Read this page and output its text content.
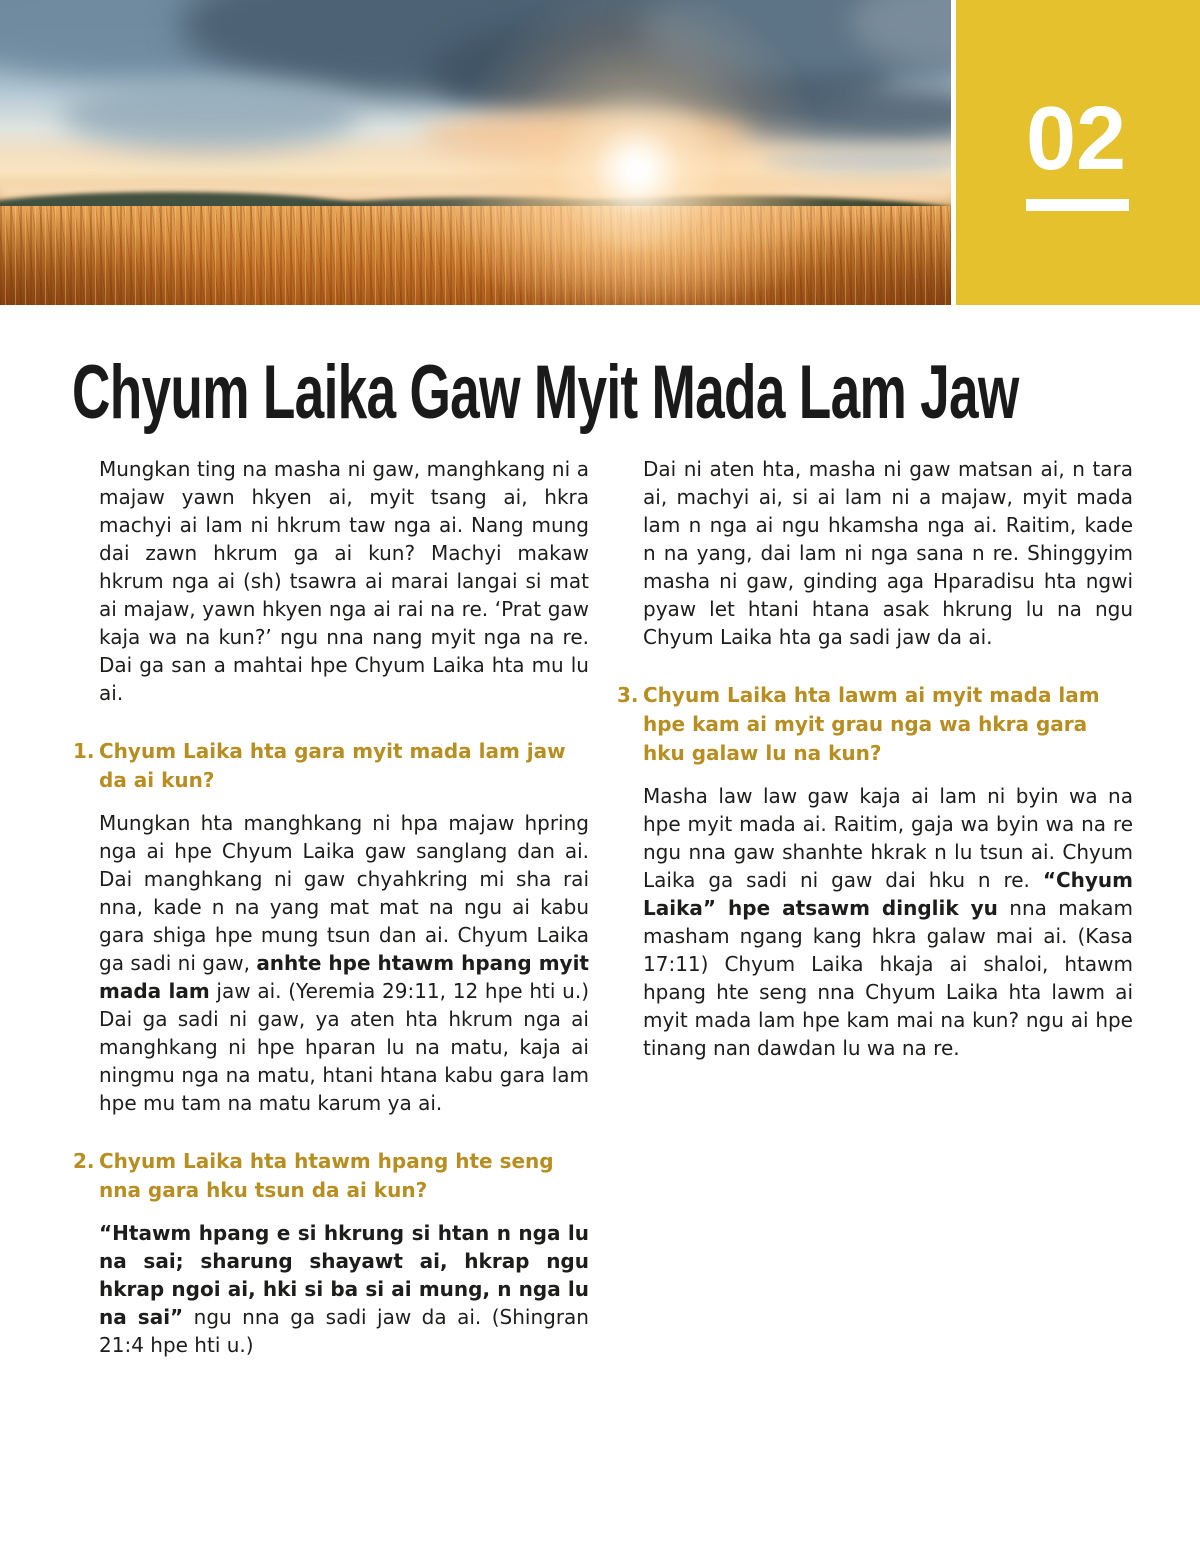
02
Chyum Laika Gaw Myit Mada Lam Jaw

Mungkan ting na masha ni gaw, manghkang ni a majaw yawn hkyen ai, myit tsang ai, hkra machyi ai lam ni hkrum taw nga ai. Nang mung dai zawn hkrum ga ai kun? Machyi makaw hkrum nga ai (sh) tsawra ai marai langai si mat ai majaw, yawn hkyen nga ai rai na re. ‘Prat gaw kaja wa na kun?’ ngu nna nang myit nga na re. Dai ga san a mahtai hpe Chyum Laika hta mu lu ai.

1. Chyum Laika hta gara myit mada lam jaw da ai kun?

Mungkan hta manghkang ni hpa majaw hpring nga ai hpe Chyum Laika gaw sanglang dan ai. Dai manghkang ni gaw chyahkring mi sha rai nna, kade n na yang mat mat na ngu ai kabu gara shiga hpe mung tsun dan ai. Chyum Laika ga sadi ni gaw, anhte hpe htawm hpang myit mada lam jaw ai. (Yeremia 29:11, 12 hpe hti u.) Dai ga sadi ni gaw, ya aten hta hkrum nga ai manghkang ni hpe hparan lu na matu, kaja ai ningmu nga na matu, htani htana kabu gara lam hpe mu tam na matu karum ya ai.

2. Chyum Laika hta htawm hpang hte seng nna gara hku tsun da ai kun?

“Htawm hpang e si hkrung si htan n nga lu na sai; sharung shayawt ai, hkrap ngu hkrap ngoi ai, hki si ba si ai mung, n nga lu na sai” ngu nna ga sadi jaw da ai. (Shingran 21:4 hpe hti u.)

Dai ni aten hta, masha ni gaw matsan ai, n tara ai, machyi ai, si ai lam ni a majaw, myit mada lam n nga ai ngu hkamsha nga ai. Raitim, kade n na yang, dai lam ni nga sana n re. Shinggyim masha ni gaw, ginding aga Hparadisu hta ngwi pyaw let htani htana asak hkrung lu na ngu Chyum Laika hta ga sadi jaw da ai.

3. Chyum Laika hta lawm ai myit mada lam hpe kam ai myit grau nga wa hkra gara hku galaw lu na kun?

Masha law law gaw kaja ai lam ni byin wa na hpe myit mada ai. Raitim, gaja wa byin wa na re ngu nna gaw shanhte hkrak n lu tsun ai. Chyum Laika ga sadi ni gaw dai hku n re. “Chyum Laika” hpe atsawm dinglik yu nna makam masham ngang kang hkra galaw mai ai. (Kasa 17:11) Chyum Laika hkaja ai shaloi, htawm hpang hte seng nna Chyum Laika hta lawm ai myit mada lam hpe kam mai na kun? ngu ai hpe tinang nan dawdan lu wa na re.
